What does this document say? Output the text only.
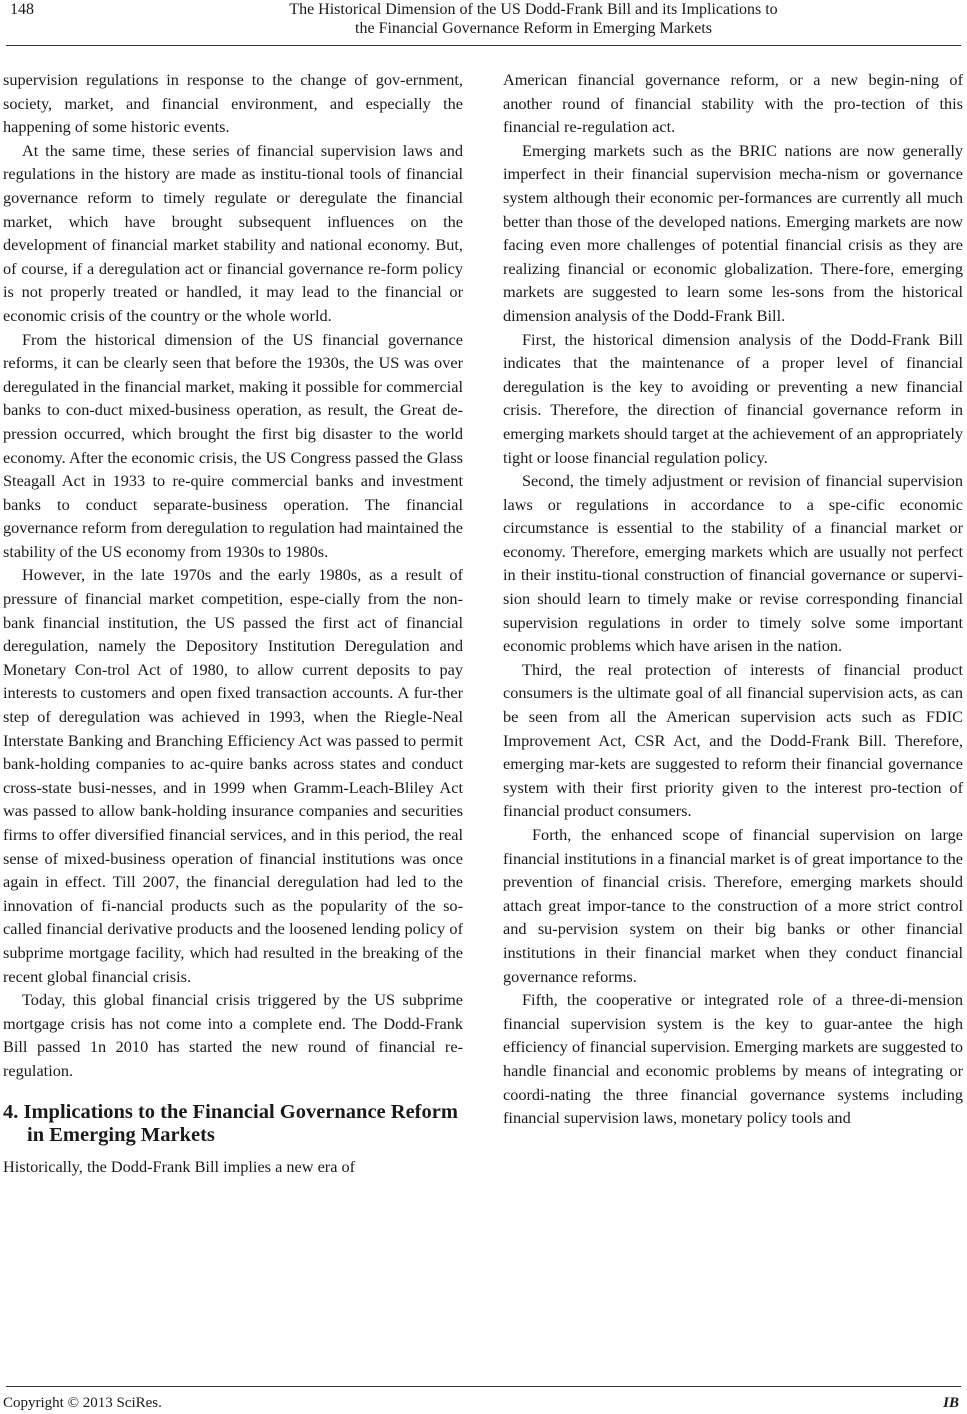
148	The Historical Dimension of the US Dodd-Frank Bill and its Implications to
the Financial Governance Reform in Emerging Markets

supervision regulations in response to the change of gov-ernment, society, market, and financial environment, and especially the happening of some historic events.

At the same time, these series of financial supervision laws and regulations in the history are made as institu-tional tools of financial governance reform to timely regulate or deregulate the financial market, which have brought subsequent influences on the development of financial market stability and national economy. But, of course, if a deregulation act or financial governance re-form policy is not properly treated or handled, it may lead to the financial or economic crisis of the country or the whole world.

From the historical dimension of the US financial governance reforms, it can be clearly seen that before the 1930s, the US was over deregulated in the financial market, making it possible for commercial banks to con-duct mixed-business operation, as result, the Great de-pression occurred, which brought the first big disaster to the world economy. After the economic crisis, the US Congress passed the Glass Steagall Act in 1933 to re-quire commercial banks and investment banks to conduct separate-business operation. The financial governance reform from deregulation to regulation had maintained the stability of the US economy from 1930s to 1980s.

However, in the late 1970s and the early 1980s, as a result of pressure of financial market competition, espe-cially from the non-bank financial institution, the US passed the first act of financial deregulation, namely the Depository Institution Deregulation and Monetary Con-trol Act of 1980, to allow current deposits to pay interests to customers and open fixed transaction accounts. A fur-ther step of deregulation was achieved in 1993, when the Riegle-Neal Interstate Banking and Branching Efficiency Act was passed to permit bank-holding companies to ac-quire banks across states and conduct cross-state busi-nesses, and in 1999 when Gramm-Leach-Bliley Act was passed to allow bank-holding insurance companies and securities firms to offer diversified financial services, and in this period, the real sense of mixed-business operation of financial institutions was once again in effect. Till 2007, the financial deregulation had led to the innovation of fi-nancial products such as the popularity of the so-called financial derivative products and the loosened lending policy of subprime mortgage facility, which had resulted in the breaking of the recent global financial crisis.

Today, this global financial crisis triggered by the US subprime mortgage crisis has not come into a complete end. The Dodd-Frank Bill passed 1n 2010 has started the new round of financial re-regulation.

4. Implications to the Financial Governance Reform in Emerging Markets

Historically, the Dodd-Frank Bill implies a new era of

American financial governance reform, or a new begin-ning of another round of financial stability with the pro-tection of this financial re-regulation act.

Emerging markets such as the BRIC nations are now generally imperfect in their financial supervision mecha-nism or governance system although their economic per-formances are currently all much better than those of the developed nations. Emerging markets are now facing even more challenges of potential financial crisis as they are realizing financial or economic globalization. There-fore, emerging markets are suggested to learn some les-sons from the historical dimension analysis of the Dodd-Frank Bill.

First, the historical dimension analysis of the Dodd-Frank Bill indicates that the maintenance of a proper level of financial deregulation is the key to avoiding or preventing a new financial crisis. Therefore, the direction of financial governance reform in emerging markets should target at the achievement of an appropriately tight or loose financial regulation policy.

Second, the timely adjustment or revision of financial supervision laws or regulations in accordance to a spe-cific economic circumstance is essential to the stability of a financial market or economy. Therefore, emerging markets which are usually not perfect in their institu-tional construction of financial governance or supervi-sion should learn to timely make or revise corresponding financial supervision regulations in order to timely solve some important economic problems which have arisen in the nation.

Third, the real protection of interests of financial product consumers is the ultimate goal of all financial supervision acts, as can be seen from all the American supervision acts such as FDIC Improvement Act, CSR Act, and the Dodd-Frank Bill. Therefore, emerging mar-kets are suggested to reform their financial governance system with their first priority given to the interest pro-tection of financial product consumers.

Forth, the enhanced scope of financial supervision on large financial institutions in a financial market is of great importance to the prevention of financial crisis. Therefore, emerging markets should attach great impor-tance to the construction of a more strict control and su-pervision system on their big banks or other financial institutions in their financial market when they conduct financial governance reforms.

Fifth, the cooperative or integrated role of a three-di-mension financial supervision system is the key to guar-antee the high efficiency of financial supervision. Emerging markets are suggested to handle financial and economic problems by means of integrating or coordi-nating the three financial governance systems including financial supervision laws, monetary policy tools and

Copyright © 2013 SciRes.	IB
